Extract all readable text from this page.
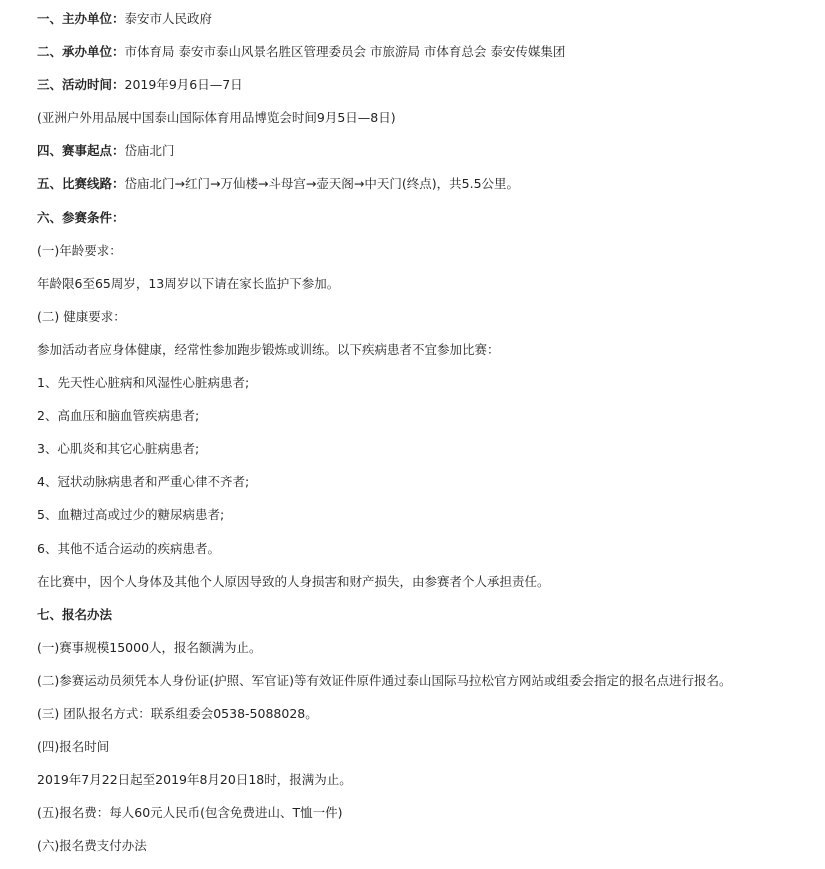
一、主办单位：泰安市人民政府

二、承办单位：市体育局 泰安市泰山风景名胜区管理委员会 市旅游局 市体育总会 泰安传媒集团

三、活动时间：2019年9月6日—7日

(亚洲户外用品展中国泰山国际体育用品博览会时间9月5日—8日)

四、赛事起点：岱庙北门

五、比赛线路：岱庙北门→红门→万仙楼→斗母宫→壶天阁→中天门(终点)，共5.5公里。

六、参赛条件：

(一)年龄要求：

年龄限6至65周岁，13周岁以下请在家长监护下参加。

(二) 健康要求：

参加活动者应身体健康，经常性参加跑步锻炼或训练。以下疾病患者不宜参加比赛：

1、先天性心脏病和风湿性心脏病患者;

2、高血压和脑血管疾病患者;

3、心肌炎和其它心脏病患者;

4、冠状动脉病患者和严重心律不齐者;

5、血糖过高或过少的糖尿病患者;

6、其他不适合运动的疾病患者。

在比赛中，因个人身体及其他个人原因导致的人身损害和财产损失，由参赛者个人承担责任。

七、报名办法

(一)赛事规模15000人，报名额满为止。

(二)参赛运动员须凭本人身份证(护照、军官证)等有效证件原件通过泰山国际马拉松官方网站或组委会指定的报名点进行报名。

(三) 团队报名方式：联系组委会0538-5088028。

(四)报名时间

2019年7月22日起至2019年8月20日18时，报满为止。

(五)报名费：每人60元人民币(包含免费进山、T恤一件)

(六)报名费支付办法
